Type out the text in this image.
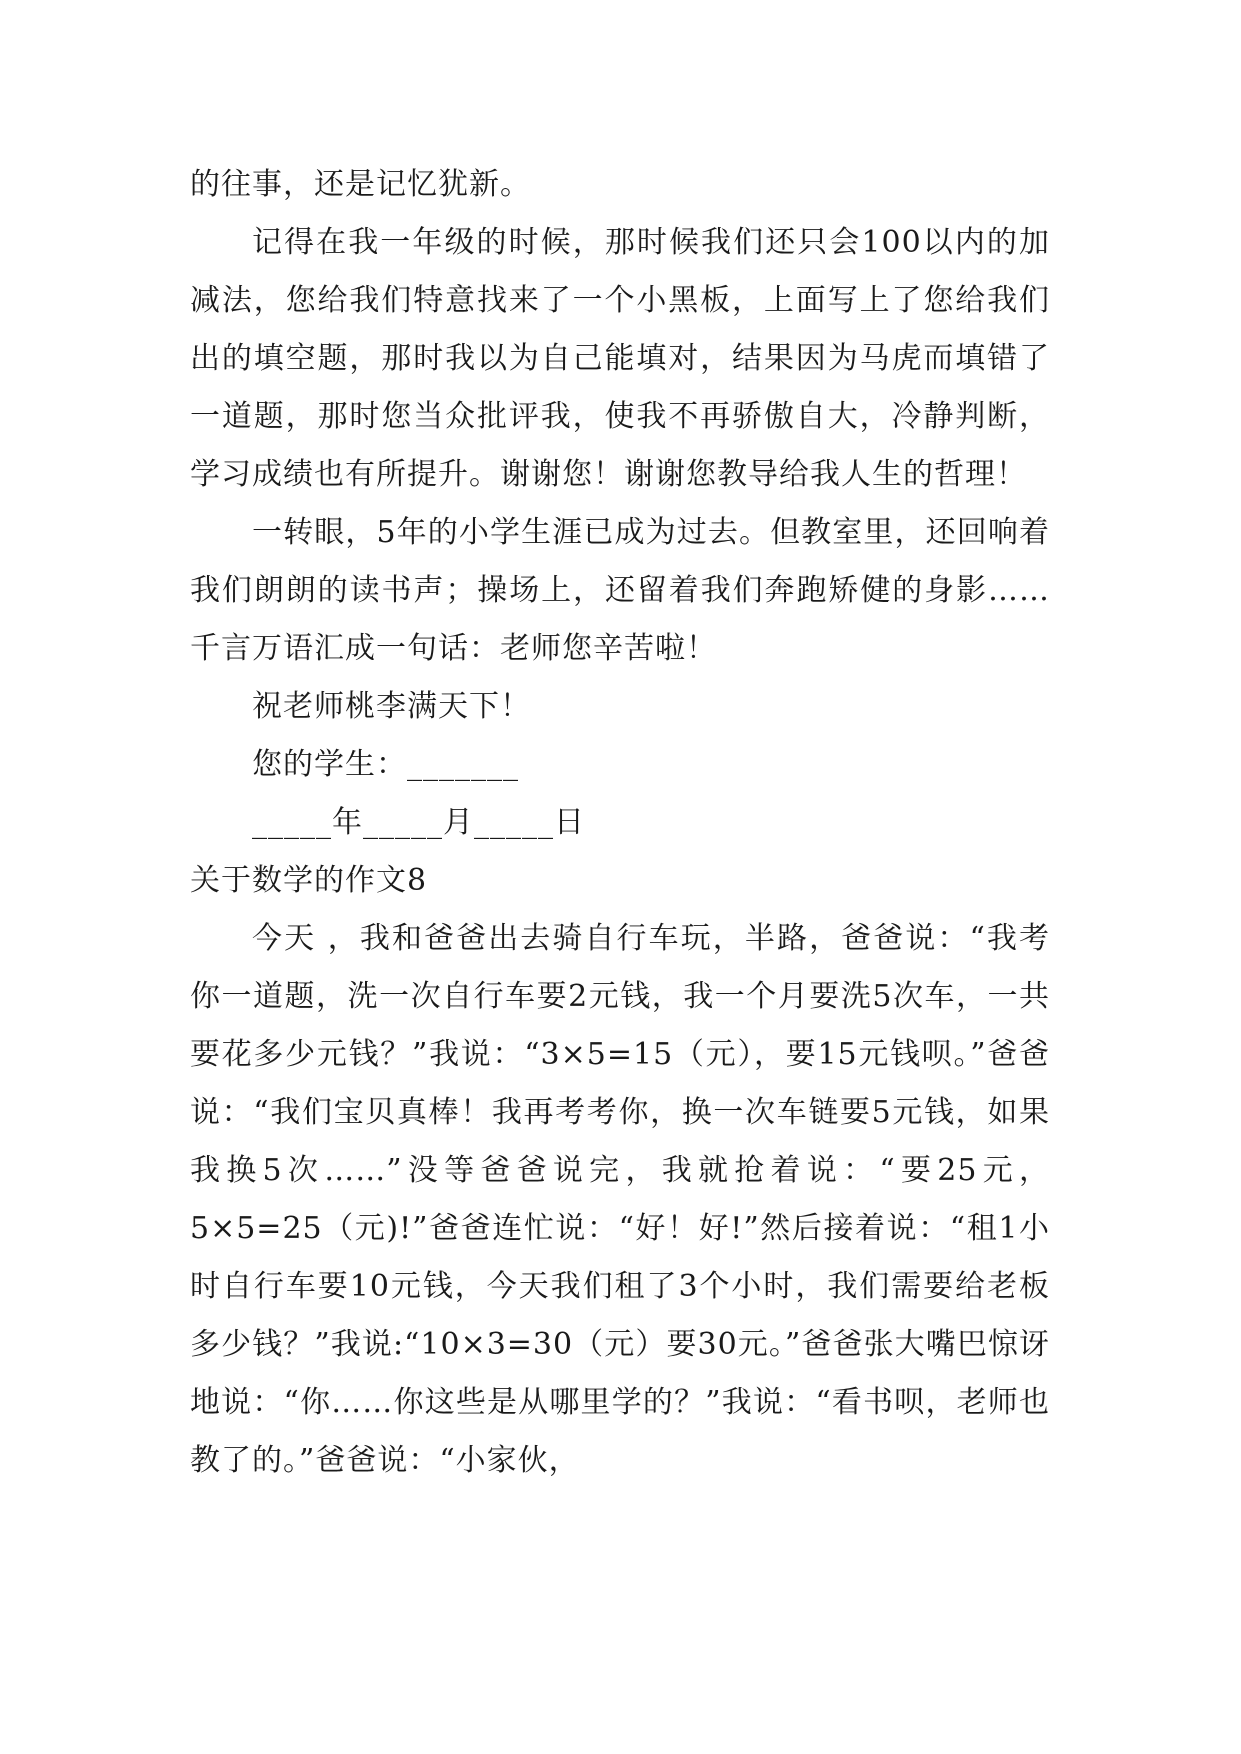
的往事，还是记忆犹新。

记得在我一年级的时候，那时候我们还只会100以内的加减法，您给我们特意找来了一个小黑板，上面写上了您给我们出的填空题，那时我以为自己能填对，结果因为马虎而填错了一道题，那时您当众批评我，使我不再骄傲自大，冷静判断，学习成绩也有所提升。谢谢您！谢谢您教导给我人生的哲理！

一转眼，5年的小学生涯已成为过去。但教室里，还回响着我们朗朗的读书声；操场上，还留着我们奔跑矫健的身影……千言万语汇成一句话：老师您辛苦啦！

祝老师桃李满天下！

您的学生：_______

_____年_____月_____日

关于数学的作文8

今天 ，我和爸爸出去骑自行车玩，半路，爸爸说：“我考你一道题，洗一次自行车要2元钱，我一个月要洗5次车，一共要花多少元钱？”我说：“3×5=15（元），要15元钱呗。”爸爸说：“我们宝贝真棒！我再考考你，换一次车链要5元钱，如果我换5次……”没等爸爸说完，我就抢着说：“要25元，5×5=25（元)!”爸爸连忙说：“好！好!”然后接着说：“租1小时自行车要10元钱，今天我们租了3个小时，我们需要给老板多少钱？”我说:“10×3=30（元）要30元。”爸爸张大嘴巴惊讶地说：“你……你这些是从哪里学的？”我说：“看书呗，老师也教了的。”爸爸说：“小家伙，
